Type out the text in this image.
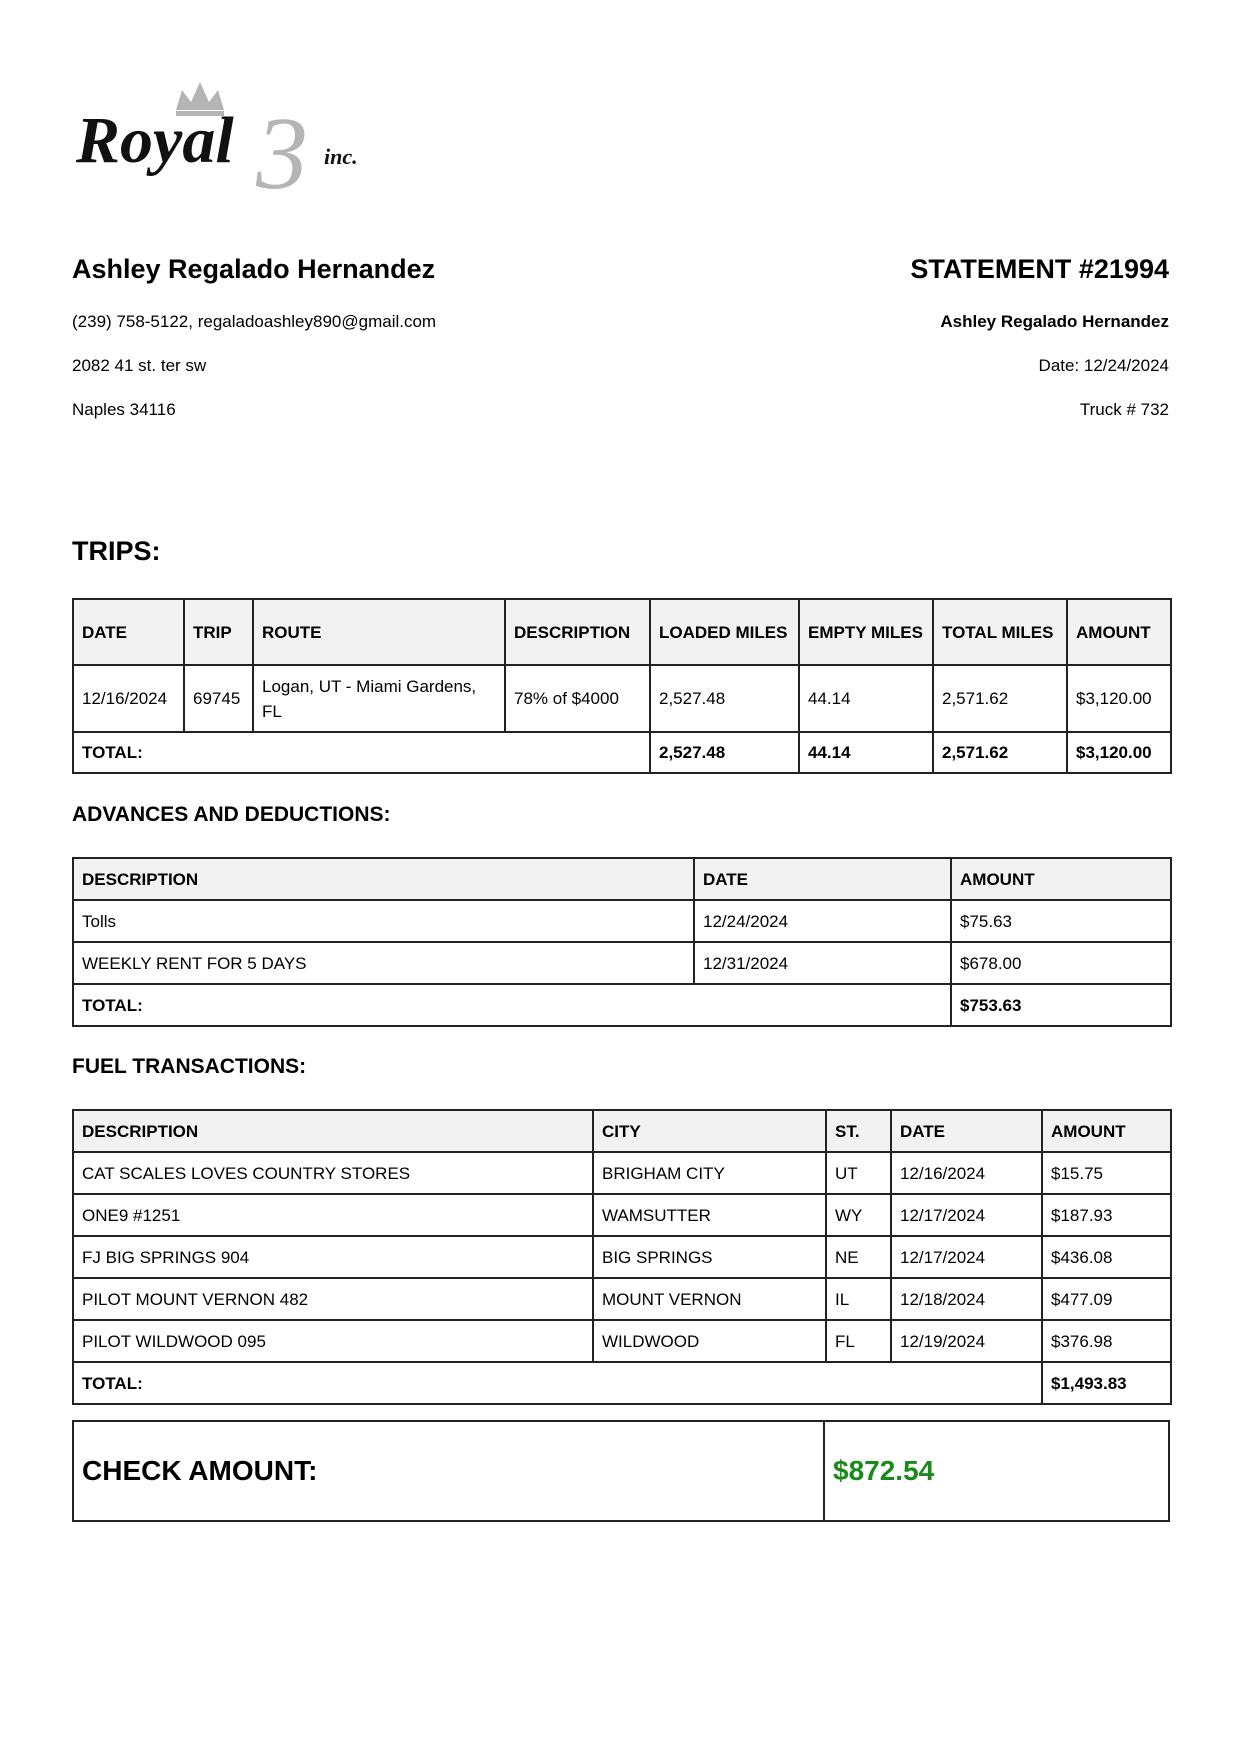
3
Royal	inc.
Ashley Regalado Hernandez
(239) 758-5122, regaladoashley890@gmail.com
2082 41 st. ter sw
Naples 34116
STATEMENT #21994
Ashley Regalado Hernandez
Date: 12/24/2024
Truck # 732
TRIPS:
DATE	TRIP	ROUTE	DESCRIPTION	LOADED MILES	EMPTY MILES	TOTAL MILES	AMOUNT
12/16/2024	69745	Logan, UT - Miami Gardens, FL	78% of $4000	2,527.48	44.14	2,571.62	$3,120.00
TOTAL:				2,527.48	44.14	2,571.62	$3,120.00
ADVANCES AND DEDUCTIONS:
DESCRIPTION	DATE	AMOUNT
Tolls	12/24/2024	$75.63
WEEKLY RENT FOR 5 DAYS	12/31/2024	$678.00
TOTAL:		$753.63
FUEL TRANSACTIONS:
DESCRIPTION	CITY	ST.	DATE	AMOUNT
CAT SCALES LOVES COUNTRY STORES	BRIGHAM CITY	UT	12/16/2024	$15.75
ONE9 #1251	WAMSUTTER	WY	12/17/2024	$187.93
FJ BIG SPRINGS 904	BIG SPRINGS	NE	12/17/2024	$436.08
PILOT MOUNT VERNON 482	MOUNT VERNON	IL	12/18/2024	$477.09
PILOT WILDWOOD 095	WILDWOOD	FL	12/19/2024	$376.98
TOTAL:				$1,493.83
CHECK AMOUNT:	$872.54
